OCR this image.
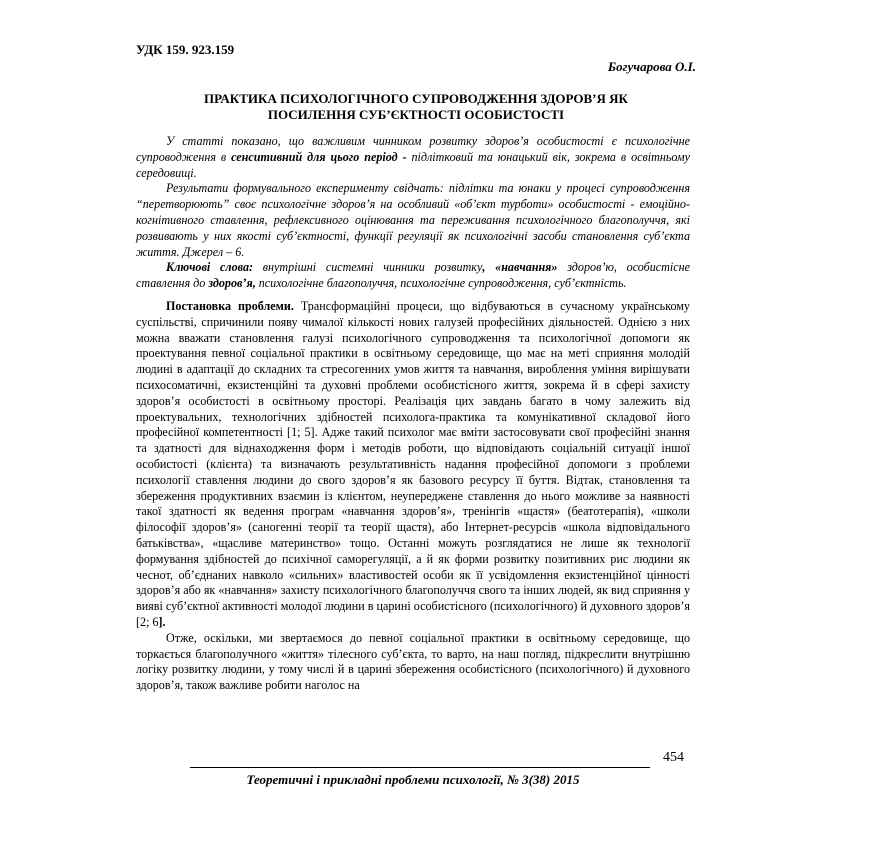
УДК 159. 923.159
Богучарова О.І.
ПРАКТИКА ПСИХОЛОГІЧНОГО СУПРОВОДЖЕННЯ ЗДОРОВ’Я ЯК
ПОСИЛЕННЯ СУБ’ЄКТНОСТІ ОСОБИСТОСТІ

У статті показано, що важливим чинником розвитку здоров’я особистості є психологічне супроводження в сенситивний для цього період - підлітковий та юнацький вік, зокрема в освітньому середовищі.

Результати формувального експерименту свідчать: підлітки та юнаки у процесі супроводження “перетворюють” своє психологічне здоров’я на особливий «об’єкт турботи» особистості - емоційно-когнітивного ставлення, рефлексивного оцінювання та переживання психологічного благополуччя, які розвивають у них якості суб’єктності, функції регуляції як психологічні засоби становлення суб’єкта життя. Джерел – 6.

Ключові слова: внутрішні системні чинники розвитку, «навчання» здоров’ю, особистісне ставлення до здоров’я, психологічне благополуччя, психологічне супроводження, суб’єктність.

Постановка проблеми. Трансформаційні процеси, що відбуваються в сучасному українському суспільстві, спричинили появу чималої кількості нових галузей професійних діяльностей. Однією з них можна вважати становлення галузі психологічного супроводження та психологічної допомоги як проектування певної соціальної практики в освітньому середовище, що має на меті сприяння молодій людині в адаптації до складних та стресогенних умов життя та навчання, вироблення уміння вирішувати психосоматичні, екзистенційні та духовні проблеми особистісного життя, зокрема й в сфері захисту здоров’я особистості в освітньому просторі. Реалізація цих завдань багато в чому залежить від проектувальних, технологічних здібностей психолога-практика та комунікативної складової його професійної компетентності [1; 5]. Адже такий психолог має вміти застосовувати свої професійні знання та здатності для віднаходження форм і методів роботи, що відповідають соціальній ситуації іншої особистості (клієнта) та визначають результативність надання професійної допомоги з проблеми психології ставлення людини до свого здоров’я як базового ресурсу її буття. Відтак, становлення та збереження продуктивних взаємин із клієнтом, неупереджене ставлення до нього можливе за наявності такої здатності як ведення програм «навчання здоров’я», тренінгів «щастя» (беатотерапія), «школи філософії здоров’я» (саногенні теорії та теорії щастя), або Інтернет-ресурсів «школа відповідального батьківства», «щасливе материнство» тощо. Останні можуть розглядатися не лише як технології формування здібностей до психічної саморегуляції, а й як форми розвитку позитивних рис людини як чеснот, об’єднаних навколо «сильних» властивостей особи як її усвідомлення екзистенційної цінності здоров’я або як «навчання» захисту психологічного благополуччя свого та інших людей, як вид сприяння у вияві суб’єктної активності молодої людини в царині особистісного (психологічного) й духовного здоров’я [2; 6].

Отже, оскільки, ми звертаємося до певної соціальної практики в освітньому середовище, що торкається благополучного «життя» тілесного суб’єкта, то варто, на наш погляд, підкреслити внутрішню логіку розвитку людини, у тому числі й в царині збереження особистісного (психологічного) й духовного здоров’я, також важливе робити наголос на

454
Теоретичні і прикладні проблеми психології, № 3(38) 2015
